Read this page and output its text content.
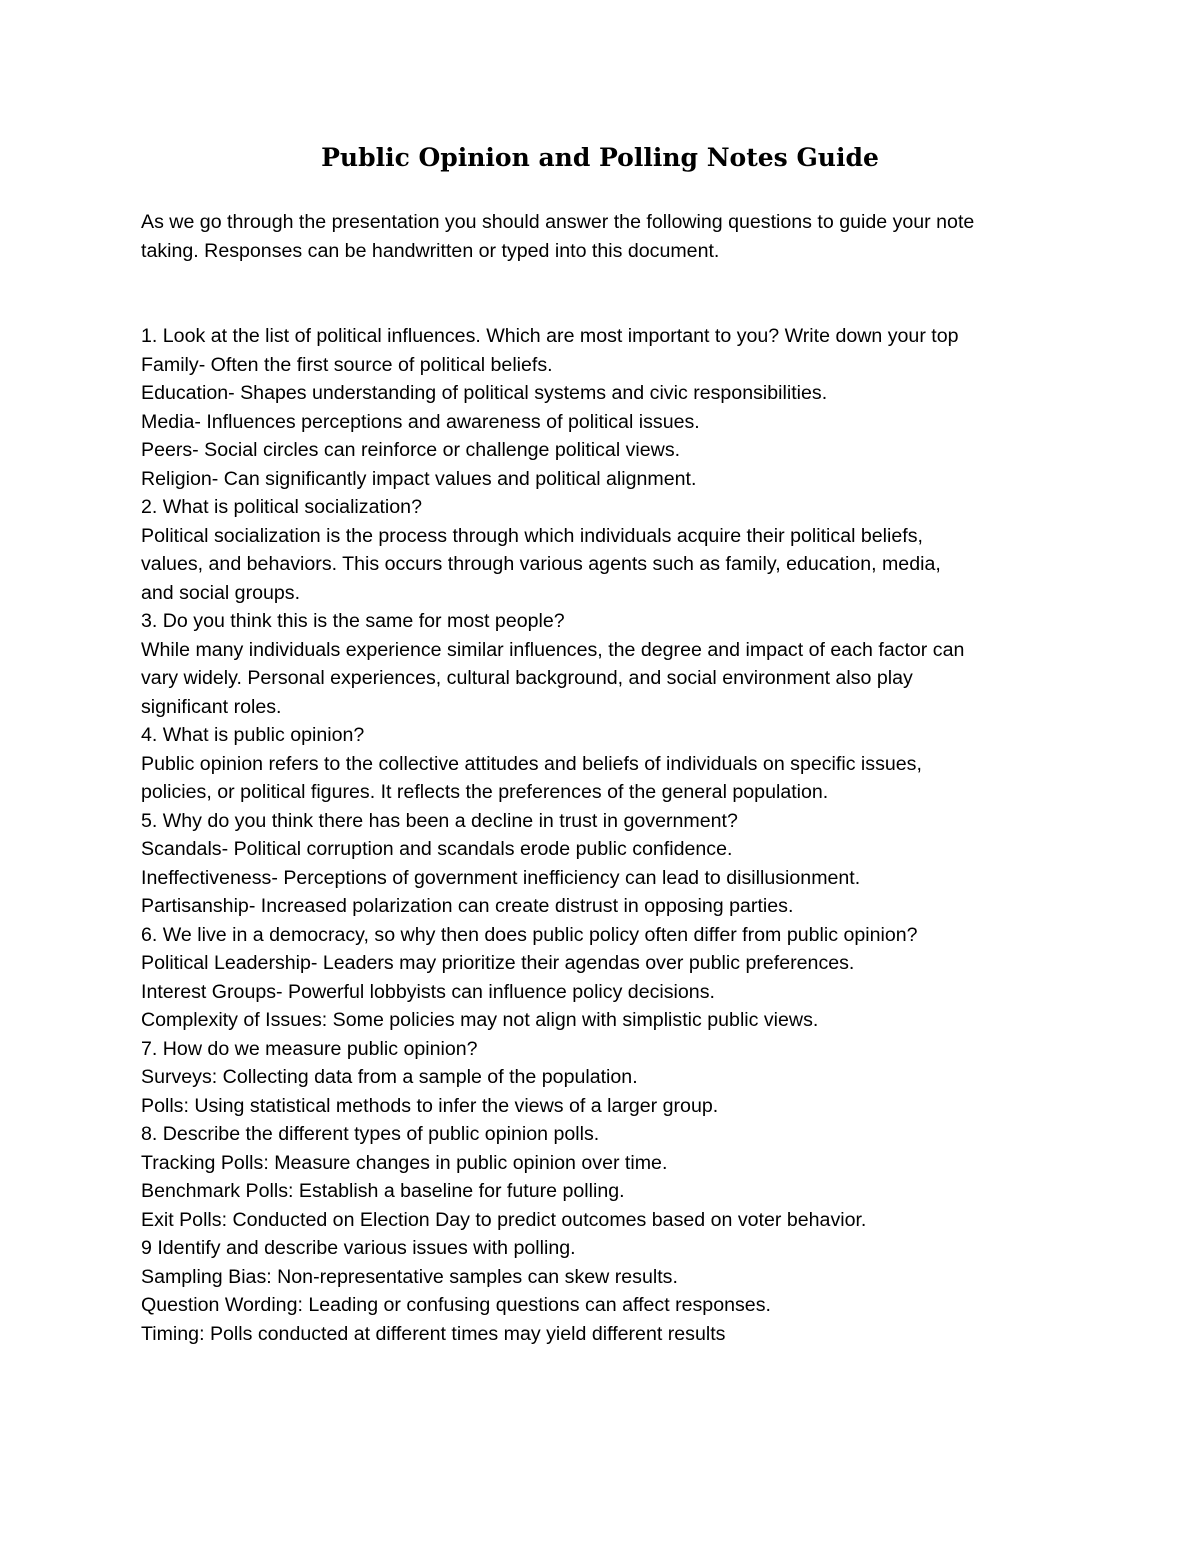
Public Opinion and Polling Notes Guide

As we go through the presentation you should answer the following questions to guide your note
taking. Responses can be handwritten or typed into this document.

1. Look at the list of political influences. Which are most important to you? Write down your top
Family- Often the first source of political beliefs.
Education- Shapes understanding of political systems and civic responsibilities.
Media- Influences perceptions and awareness of political issues.
Peers- Social circles can reinforce or challenge political views.
Religion- Can significantly impact values and political alignment.
2. What is political socialization?
Political socialization is the process through which individuals acquire their political beliefs,
values, and behaviors. This occurs through various agents such as family, education, media,
and social groups.
3. Do you think this is the same for most people?
While many individuals experience similar influences, the degree and impact of each factor can
vary widely. Personal experiences, cultural background, and social environment also play
significant roles.
4. What is public opinion?
Public opinion refers to the collective attitudes and beliefs of individuals on specific issues,
policies, or political figures. It reflects the preferences of the general population.
5. Why do you think there has been a decline in trust in government?
Scandals- Political corruption and scandals erode public confidence.
Ineffectiveness- Perceptions of government inefficiency can lead to disillusionment.
Partisanship- Increased polarization can create distrust in opposing parties.
6. We live in a democracy, so why then does public policy often differ from public opinion?
Political Leadership- Leaders may prioritize their agendas over public preferences.
Interest Groups- Powerful lobbyists can influence policy decisions.
Complexity of Issues: Some policies may not align with simplistic public views.
7. How do we measure public opinion?
Surveys: Collecting data from a sample of the population.
Polls: Using statistical methods to infer the views of a larger group.
8. Describe the different types of public opinion polls.
Tracking Polls: Measure changes in public opinion over time.
Benchmark Polls: Establish a baseline for future polling.
Exit Polls: Conducted on Election Day to predict outcomes based on voter behavior.
9 Identify and describe various issues with polling.
Sampling Bias: Non-representative samples can skew results.
Question Wording: Leading or confusing questions can affect responses.
Timing: Polls conducted at different times may yield different results
